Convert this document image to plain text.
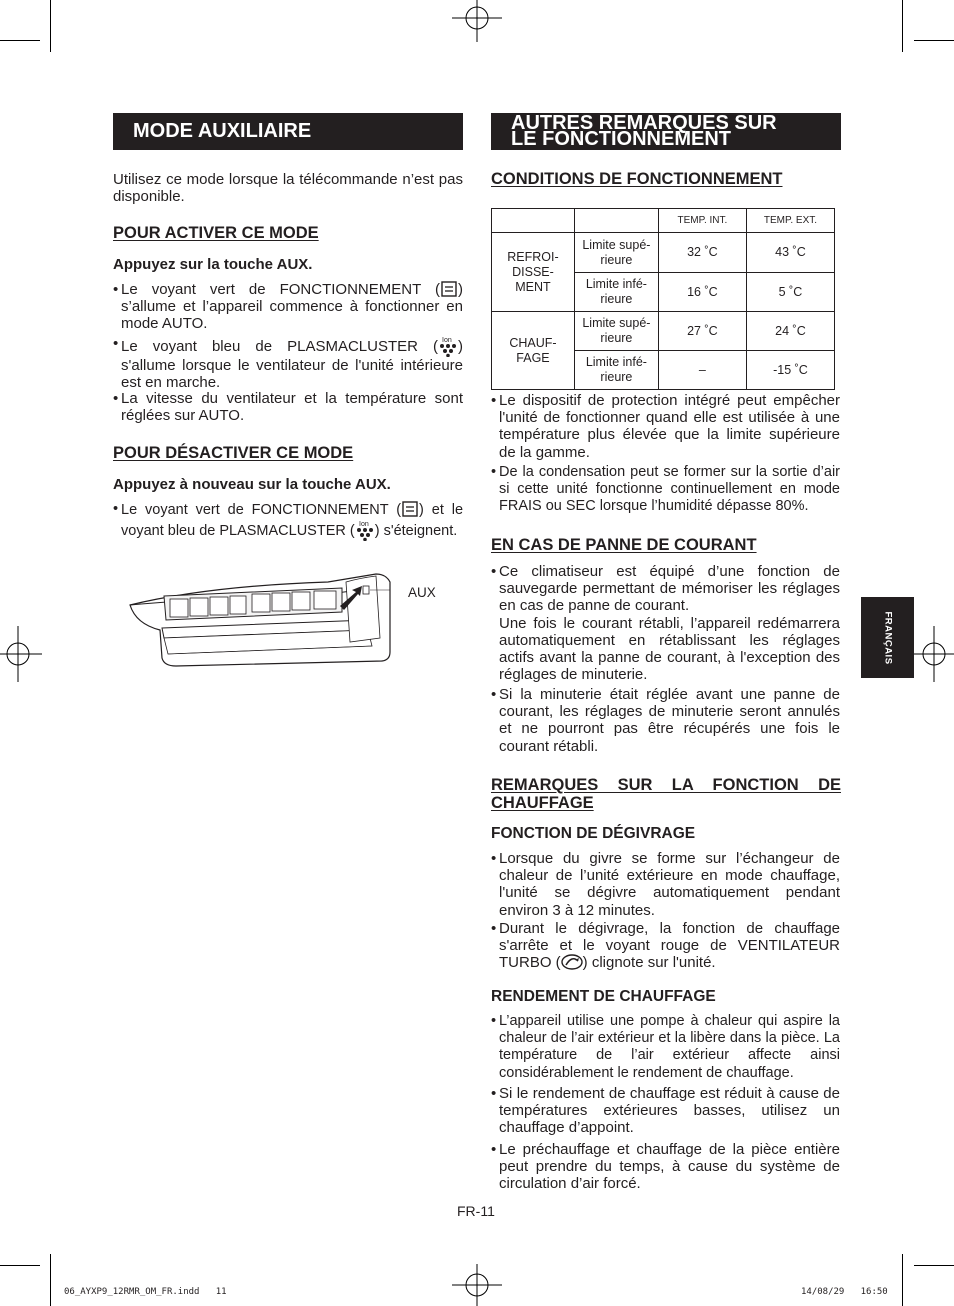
MODE AUXILIAIRE
Utilisez ce mode lorsque la télécommande n’est pas disponible.
POUR ACTIVER CE MODE
Appuyez sur la touche AUX.
• Le voyant vert de FONCTIONNEMENT ( ) s’allume et l’appareil commence à fonctionner en mode AUTO.
• Le voyant bleu de PLASMACLUSTER ( Ion ) s'allume lorsque le ventilateur de l'unité intérieure est en marche.
• La vitesse du ventilateur et la température sont réglées sur AUTO.
POUR DÉSACTIVER CE MODE
Appuyez à nouveau sur la touche AUX.
• Le voyant vert de FONCTIONNEMENT ( ) et le voyant bleu de PLASMACLUSTER ( Ion ) s'éteignent.
AUX
AUTRES REMARQUES SUR
LE FONCTIONNEMENT
CONDITIONS DE FONCTIONNEMENT
		TEMP. INT.	TEMP. EXT.
REFROI-DISSE-MENT	Limite supé-rieure	32 ˚C	43 ˚C
	Limite infé-rieure	16 ˚C	5 ˚C
CHAUF-FAGE	Limite supé-rieure	27 ˚C	24 ˚C
	Limite infé-rieure	–	-15 ˚C
• Le dispositif de protection intégré peut empêcher l'unité de fonctionner quand elle est utilisée à une température plus élevée que la limite supérieure de la gamme.
• De la condensation peut se former sur la sortie d’air si cette unité fonctionne continuellement en mode FRAIS ou SEC lorsque l’humidité dépasse 80%.
EN CAS DE PANNE DE COURANT
• Ce climatiseur est équipé d’une fonction de sauvegarde permettant de mémoriser les réglages en cas de panne de courant.
Une fois le courant rétabli, l’appareil redémarrera automatiquement en rétablissant les réglages actifs avant la panne de courant, à l'exception des réglages de minuterie.
• Si la minuterie était réglée avant une panne de courant, les réglages de minuterie seront annulés et ne pourront pas être récupérés une fois le courant rétabli.
REMARQUES SUR LA FONCTION DE CHAUFFAGE
FONCTION DE DÉGIVRAGE
• Lorsque du givre se forme sur l’échangeur de chaleur de l’unité extérieure en mode chauffage, l'unité se dégivre automatiquement pendant environ 3 à 12 minutes.
• Durant le dégivrage, la fonction de chauffage s'arrête et le voyant rouge de VENTILATEUR TURBO ( ) clignote sur l'unité.
RENDEMENT DE CHAUFFAGE
• L’appareil utilise une pompe à chaleur qui aspire la chaleur de l’air extérieur et la libère dans la pièce. La température de l’air extérieur affecte ainsi considérablement le rendement de chauffage.
• Si le rendement de chauffage est réduit à cause de températures extérieures basses, utilisez un chauffage d’appoint.
• Le préchauffage et chauffage de la pièce entière peut prendre du temps, à cause du système de circulation d’air forcé.
FRANÇAIS
FR-11
06_AYXP9_12RMR_OM_FR.indd   11	14/08/29   16:50
